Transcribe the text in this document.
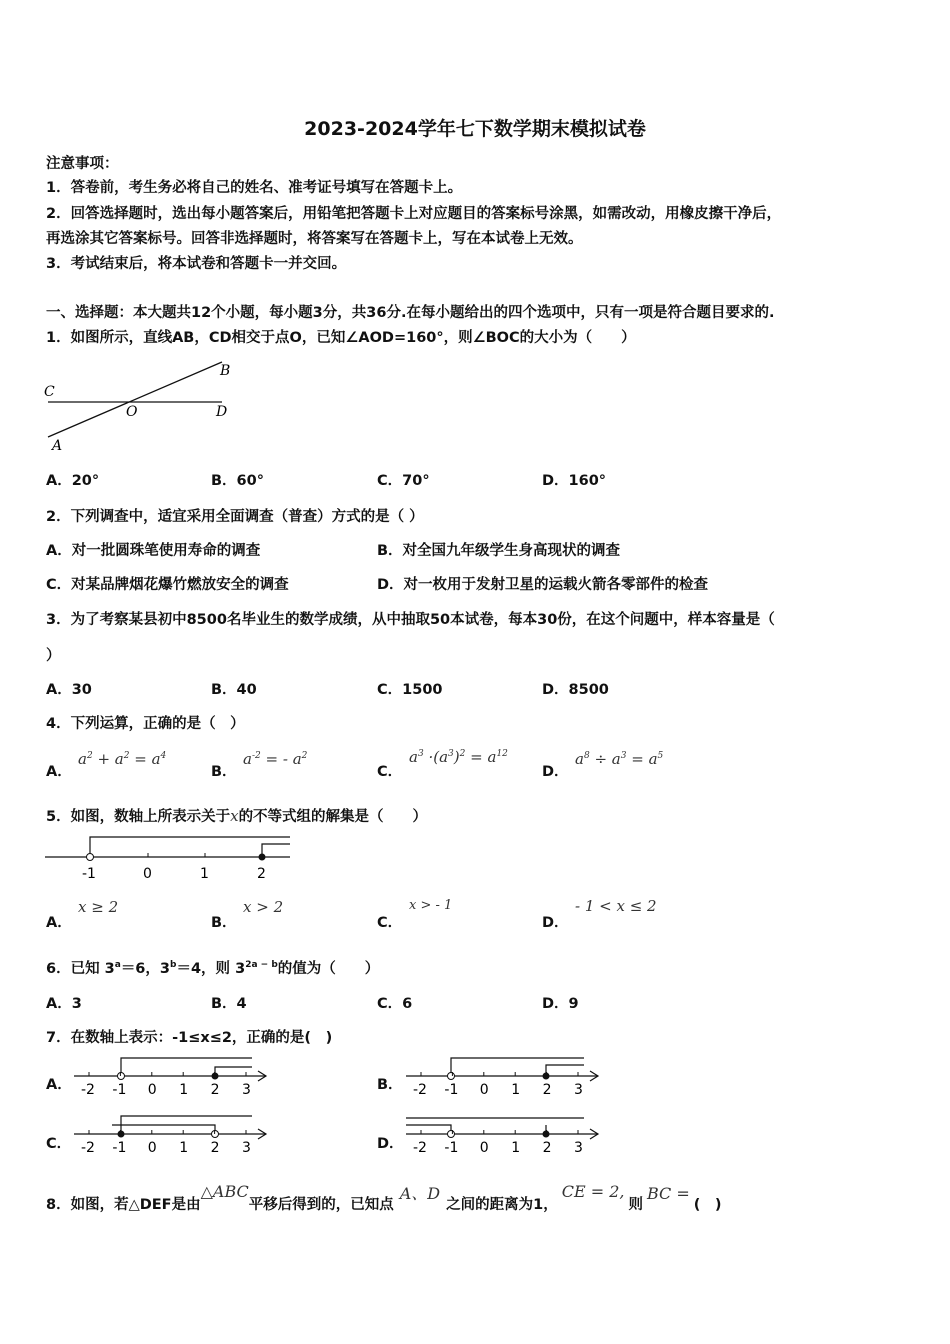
2023-2024学年七下数学期末模拟试卷
注意事项：
1．答卷前，考生务必将自己的姓名、准考证号填写在答题卡上。
2．回答选择题时，选出每小题答案后，用铅笔把答题卡上对应题目的答案标号涂黑，如需改动，用橡皮擦干净后，
再选涂其它答案标号。回答非选择题时，将答案写在答题卡上，写在本试卷上无效。
3．考试结束后，将本试卷和答题卡一并交回。
一、选择题：本大题共12个小题，每小题3分，共36分.在每小题给出的四个选项中，只有一项是符合题目要求的.
1．如图所示，直线AB，CD相交于点O，已知∠AOD=160°，则∠BOC的大小为（　　）
C
B
O	D
A
A．20°	B．60°	C．70°	D．160°
2．下列调查中，适宜采用全面调查（普查）方式的是（ ）
A．对一批圆珠笔使用寿命的调查	B．对全国九年级学生身高现状的调查
C．对某品牌烟花爆竹燃放安全的调查	D．对一枚用于发射卫星的运载火箭各零部件的检查
3．为了考察某县初中8500名毕业生的数学成绩，从中抽取50本试卷，每本30份，在这个问题中，样本容量是（
）
A．30	B．40	C．1500	D．8500
4．下列运算，正确的是（　）
A．
$a^2 + a^2 = a^4$
B．
$a^{-2}$ = - $a^2$
C．
$a^3 \cdot(a^3)^2 = a^{12}$
D．
$a^8 \div a^3 = a^5$
5．如图，数轴上所表示关于x的不等式组的解集是（　　）
-1	0	1	2
A．
x ≥ 2
B．
x > 2
C．
x > - 1
D．
- 1 < x ≤ 2
6．已知 $3^a=6$，$3^b=4$，则 $3^{2a - b}$的值为（　　）
A．3	B．4	C．6	D．9
7．在数轴上表示：-1≤x≤2，正确的是(　)
A． -2 -1 0 1 2 3	B． -2 -1 0 1 2 3
C． -2 -1 0 1 2 3	D． -2 -1 0 1 2 3
8．如图，若△DEF是由△ABC平移后得到的，已知点A、D之间的距离为1，CE = 2,则BC =(　)
